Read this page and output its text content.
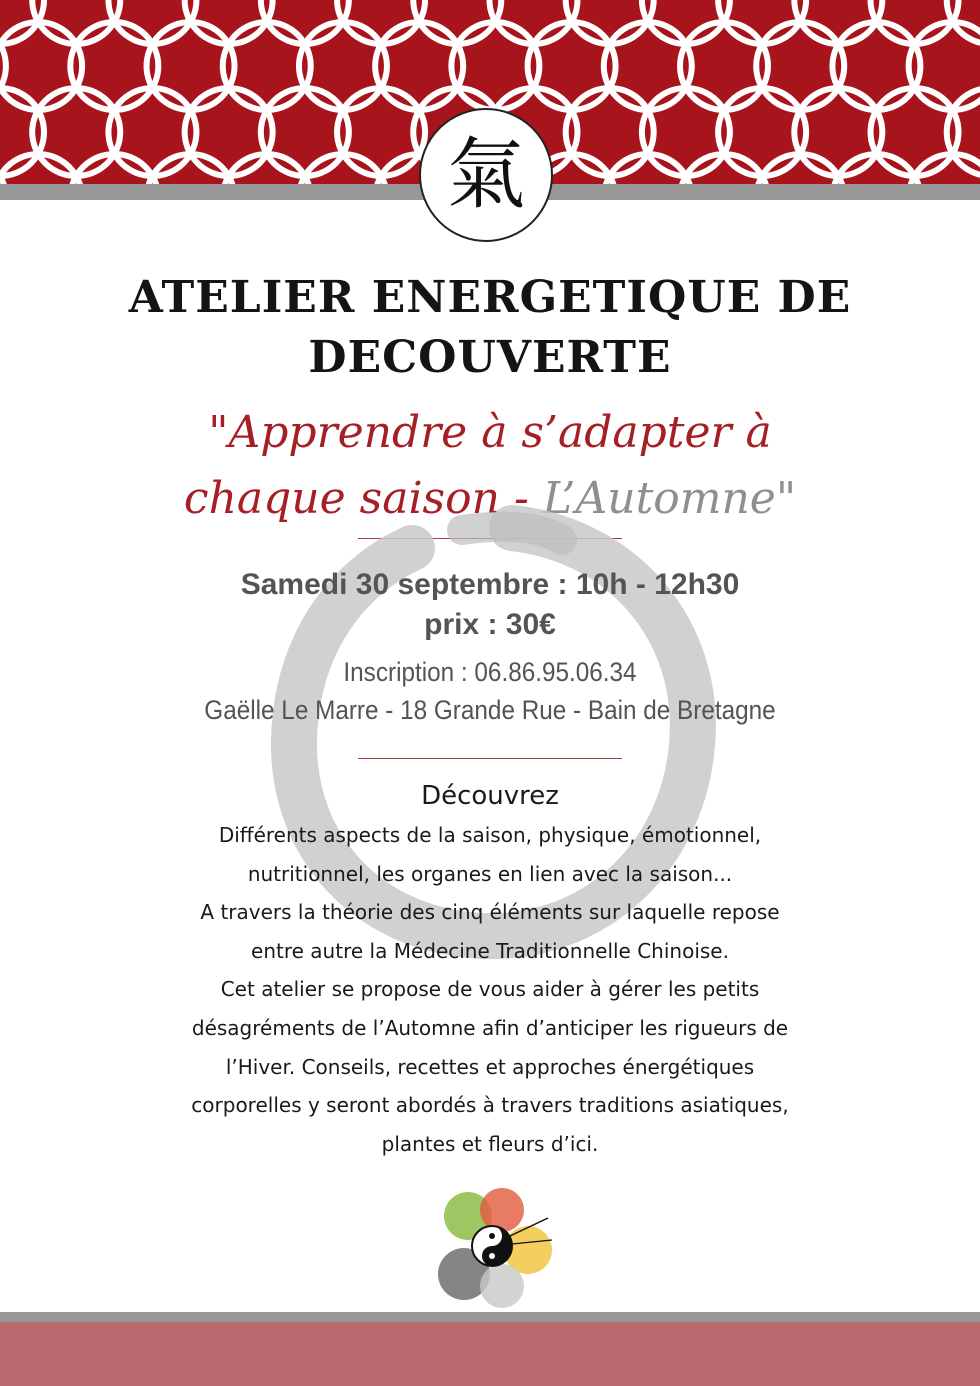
氣
ATELIER ENERGETIQUE DE
DECOUVERTE
"Apprendre à s’adapter à
chaque saison - L’Automne"
Samedi 30 septembre : 10h - 12h30
prix : 30€
Inscription : 06.86.95.06.34
Gaëlle Le Marre - 18 Grande Rue - Bain de Bretagne
Découvrez
Différents aspects de la saison, physique, émotionnel,
nutritionnel, les organes en lien avec la saison...
A travers la théorie des cinq éléments sur laquelle repose
entre autre la Médecine Traditionnelle Chinoise.
Cet atelier se propose de vous aider à gérer les petits
désagréments de l’Automne afin d’anticiper les rigueurs de
l’Hiver. Conseils, recettes et approches énergétiques
corporelles y seront abordés à travers traditions asiatiques,
plantes et fleurs d’ici.
